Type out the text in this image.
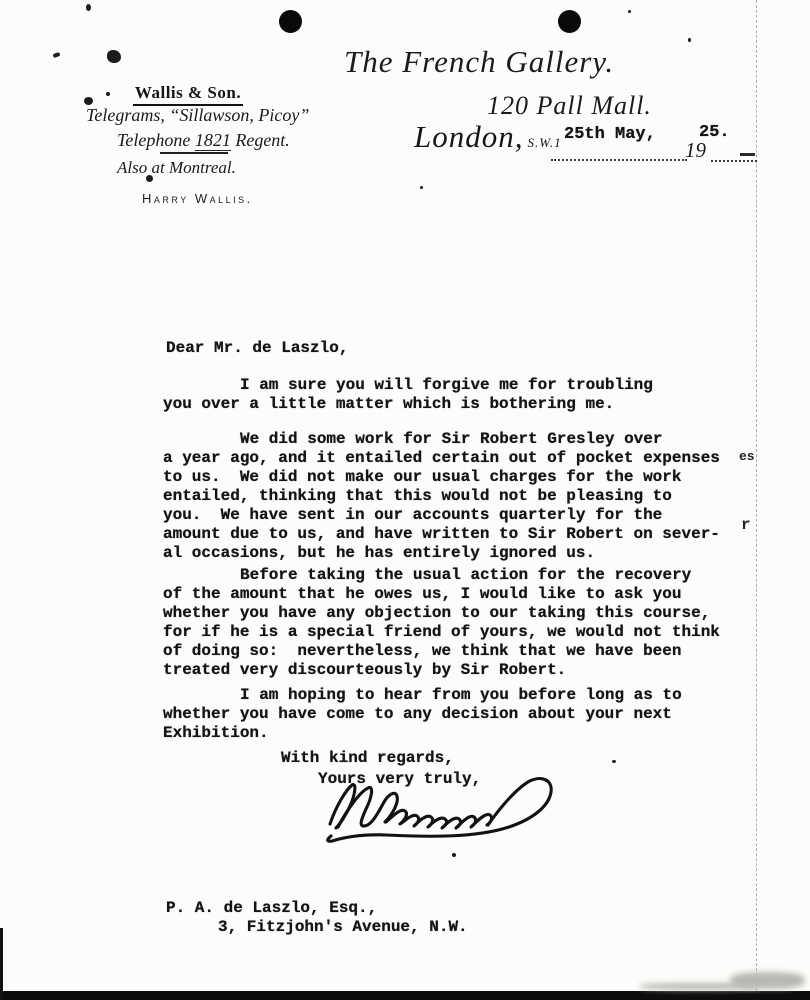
es
r
Wallis & Son.
Telegrams, “Sillawson, Picoy”
Telephone 1821 Regent.
Also at Montreal.
Harry Wallis.
The French Gallery.
120 Pall Mall.
London, S.W.1 25th May,	25.
19
Dear Mr. de Laszlo,
I am sure you will forgive me for troubling
you over a little matter which is bothering me.
We did some work for Sir Robert Gresley over
a year ago, and it entailed certain out of pocket expenses
to us.  We did not make our usual charges for the work
entailed, thinking that this would not be pleasing to
you.  We have sent in our accounts quarterly for the
amount due to us, and have written to Sir Robert on sever-
al occasions, but he has entirely ignored us.
Before taking the usual action for the recovery
of the amount that he owes us, I would like to ask you
whether you have any objection to our taking this course,
for if he is a special friend of yours, we would not think
of doing so:  nevertheless, we think that we have been
treated very discourteously by Sir Robert.
I am hoping to hear from you before long as to
whether you have come to any decision about your next
Exhibition.
With kind regards,
Yours very truly,
P. A. de Laszlo, Esq.,
3, Fitzjohn's Avenue, N.W.
